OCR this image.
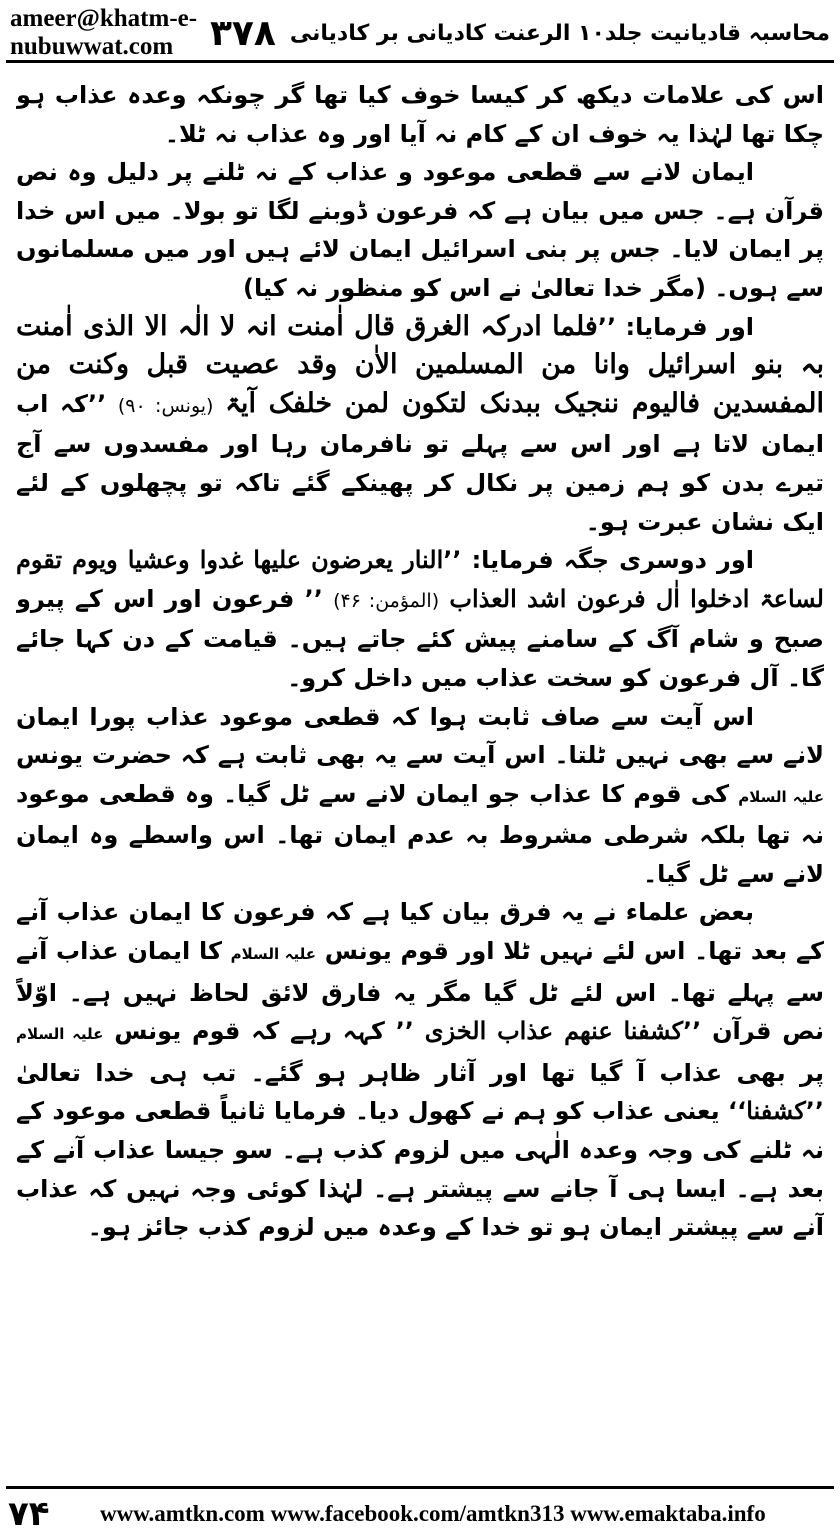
ameer@khatm-e-nubuwwat.com	۳۷۸ محاسبہ قادیانیت جلد۱۰ الرعنت کادیانی بر کادیانی

اس کی علامات دیکھ کر کیسا خوف کیا تھا گر چونکہ وعدہ عذاب ہو چکا تھا لہٰذا یہ خوف ان کے کام نہ آیا اور وہ عذاب نہ ٹلا۔

ایمان لانے سے قطعی موعود و عذاب کے نہ ٹلنے پر دلیل وہ نص قرآن ہے۔ جس میں بیان ہے کہ فرعون ڈوبنے لگا تو بولا۔ میں اس خدا پر ایمان لایا۔ جس پر بنی اسرائیل ایمان لائے ہیں اور میں مسلمانوں سے ہوں۔ (مگر خدا تعالیٰ نے اس کو منظور نہ کیا)

اور فرمایا: ’’فلما ادرکہ الغرق قال اٰمنت انہ لا الٰہ الا الذی اٰمنت بہ بنو اسرائیل وانا من المسلمین الاٰن وقد عصیت قبل وکنت من المفسدین فالیوم ننجیک ببدنک لتکون لمن خلفک آیۃ (یونس: ۹۰) ’’کہ اب ایمان لاتا ہے اور اس سے پہلے تو نافرمان رہا اور مفسدوں سے آج تیرے بدن کو ہم زمین پر نکال کر پھینکے گئے تاکہ تو پچھلوں کے لئے ایک نشان عبرت ہو۔

اور دوسری جگہ فرمایا: ’’النار یعرضون علیھا غدوا وعشیا ویوم تقوم لساعۃ ادخلوا اٰل فرعون اشد العذاب (المؤمن: ۴۶) ’’ فرعون اور اس کے پیرو صبح و شام آگ کے سامنے پیش کئے جاتے ہیں۔ قیامت کے دن کہا جائے گا۔ آل فرعون کو سخت عذاب میں داخل کرو۔

اس آیت سے صاف ثابت ہوا کہ قطعی موعود عذاب پورا ایمان لانے سے بھی نہیں ٹلتا۔ اس آیت سے یہ بھی ثابت ہے کہ حضرت یونس علیہ السلام کی قوم کا عذاب جو ایمان لانے سے ٹل گیا۔ وہ قطعی موعود نہ تھا بلکہ شرطی مشروط بہ عدم ایمان تھا۔ اس واسطے وہ ایمان لانے سے ٹل گیا۔

بعض علماء نے یہ فرق بیان کیا ہے کہ فرعون کا ایمان عذاب آنے کے بعد تھا۔ اس لئے نہیں ٹلا اور قوم یونس علیہ السلام کا ایمان عذاب آنے سے پہلے تھا۔ اس لئے ٹل گیا مگر یہ فارق لائق لحاظ نہیں ہے۔ اوّلاً نص قرآن ’’کشفنا عنھم عذاب الخزی ’’ کہہ رہے کہ قوم یونس علیہ السلام پر بھی عذاب آ گیا تھا اور آثار ظاہر ہو گئے۔ تب ہی خدا تعالیٰ ’’کشفنا‘‘ یعنی عذاب کو ہم نے کھول دیا۔ فرمایا ثانیاً قطعی موعود کے نہ ٹلنے کی وجہ وعدہ الٰہی میں لزوم کذب ہے۔ سو جیسا عذاب آنے کے بعد ہے۔ ایسا ہی آ جانے سے پیشتر ہے۔ لہٰذا کوئی وجہ نہیں کہ عذاب آنے سے پیشتر ایمان ہو تو خدا کے وعدہ میں لزوم کذب جائز ہو۔

۷۴	www.amtkn.com www.facebook.com/amtkn313 www.emaktaba.info
